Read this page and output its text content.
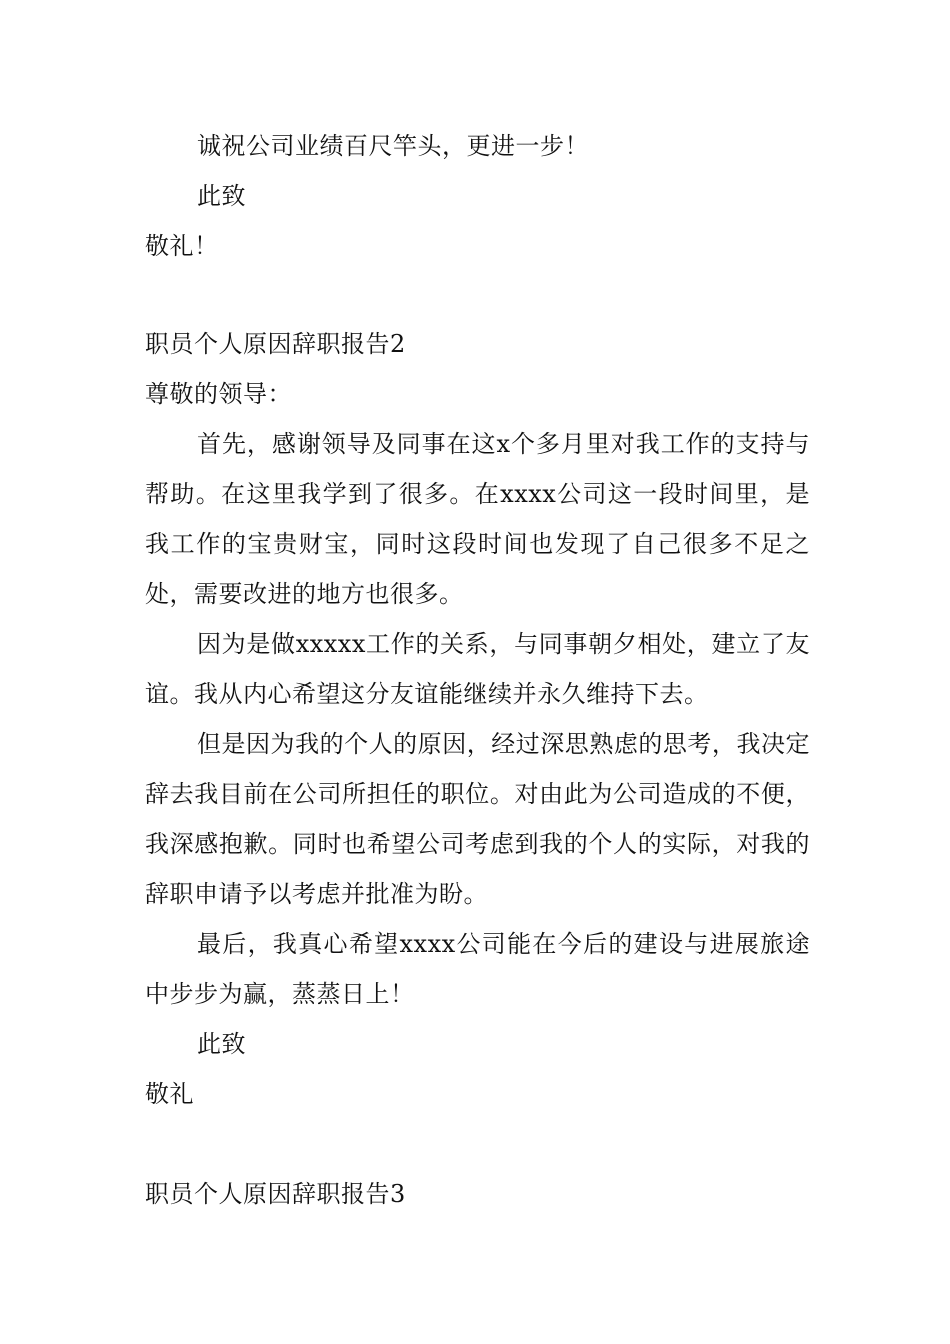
诚祝公司业绩百尺竿头，更进一步！
此致
敬礼！
职员个人原因辞职报告2
尊敬的领导：

首先，感谢领导及同事在这x个多月里对我工作的支持与帮助。在这里我学到了很多。在xxxx公司这一段时间里，是我工作的宝贵财宝，同时这段时间也发现了自己很多不足之处，需要改进的地方也很多。

因为是做xxxxx工作的关系，与同事朝夕相处，建立了友谊。我从内心希望这分友谊能继续并永久维持下去。

但是因为我的个人的原因，经过深思熟虑的思考，我决定辞去我目前在公司所担任的职位。对由此为公司造成的不便，我深感抱歉。同时也希望公司考虑到我的个人的实际，对我的辞职申请予以考虑并批准为盼。

最后，我真心希望xxxx公司能在今后的建设与进展旅途中步步为赢，蒸蒸日上！

此致
敬礼
职员个人原因辞职报告3
